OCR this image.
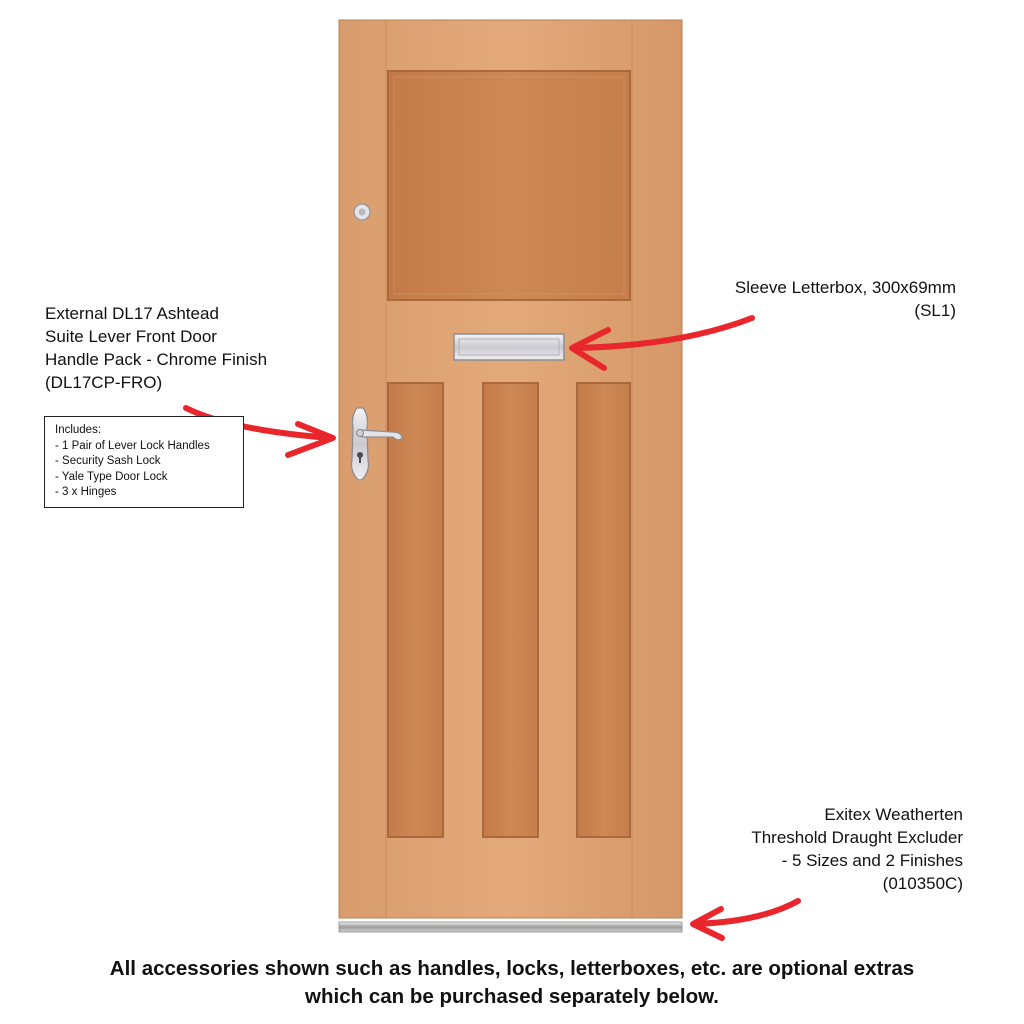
External DL17 Ashtead
Suite Lever Front Door
Handle Pack - Chrome Finish
(DL17CP-FRO)
Includes:
- 1 Pair of Lever Lock Handles
- Security Sash Lock
- Yale Type Door Lock
- 3 x Hinges
Sleeve Letterbox, 300x69mm
(SL1)
Exitex Weatherten
Threshold Draught Excluder
- 5 Sizes and 2 Finishes
(010350C)
All accessories shown such as handles, locks, letterboxes, etc. are optional extras
which can be purchased separately below.
